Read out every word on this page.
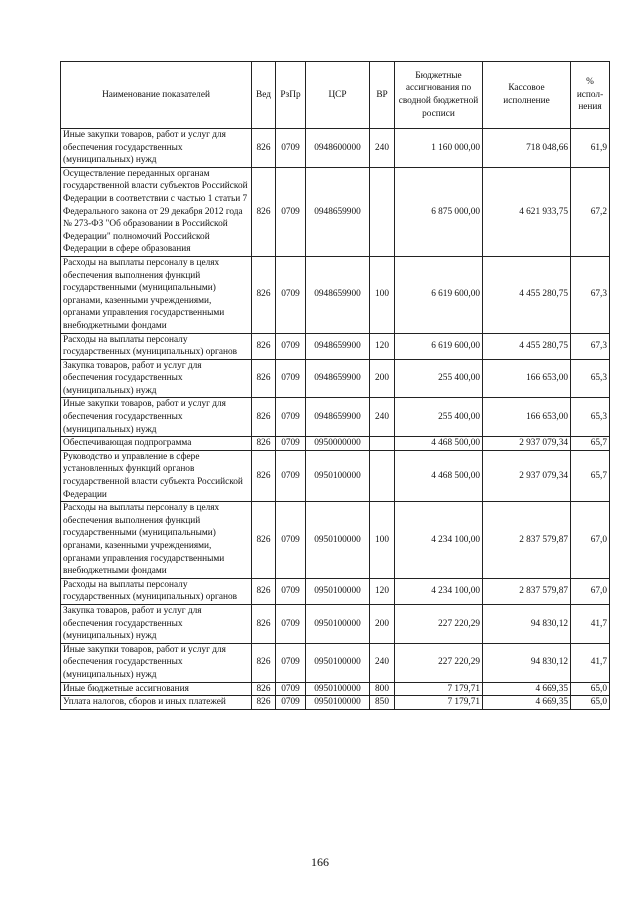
Наименование показателей	Вед	РзПр	ЦСР	ВР	Бюджетные ассигнования по сводной бюджетной росписи	Кассовое исполнение	% испол-нения
Иные закупки товаров, работ и услуг для обеспечения государственных (муниципальных) нужд	826	0709	0948600000	240	1 160 000,00	718 048,66	61,9
Осуществление переданных органам государственной власти субъектов Российской Федерации в соответствии с частью 1 статьи 7 Федерального закона от 29 декабря 2012 года № 273-ФЗ "Об образовании в Российской Федерации" полномочий Российской Федерации в сфере образования	826	0709	0948659900		6 875 000,00	4 621 933,75	67,2
Расходы на выплаты персоналу в целях обеспечения выполнения функций государственными (муниципальными) органами, казенными учреждениями, органами управления государственными внебюджетными фондами	826	0709	0948659900	100	6 619 600,00	4 455 280,75	67,3
Расходы на выплаты персоналу государственных (муниципальных) органов	826	0709	0948659900	120	6 619 600,00	4 455 280,75	67,3
Закупка товаров, работ и услуг для обеспечения государственных (муниципальных) нужд	826	0709	0948659900	200	255 400,00	166 653,00	65,3
Иные закупки товаров, работ и услуг для обеспечения государственных (муниципальных) нужд	826	0709	0948659900	240	255 400,00	166 653,00	65,3
Обеспечивающая подпрограмма	826	0709	0950000000		4 468 500,00	2 937 079,34	65,7
Руководство и управление в сфере установленных функций органов государственной власти субъекта Российской Федерации	826	0709	0950100000		4 468 500,00	2 937 079,34	65,7
Расходы на выплаты персоналу в целях обеспечения выполнения функций государственными (муниципальными) органами, казенными учреждениями, органами управления государственными внебюджетными фондами	826	0709	0950100000	100	4 234 100,00	2 837 579,87	67,0
Расходы на выплаты персоналу государственных (муниципальных) органов	826	0709	0950100000	120	4 234 100,00	2 837 579,87	67,0
Закупка товаров, работ и услуг для обеспечения государственных (муниципальных) нужд	826	0709	0950100000	200	227 220,29	94 830,12	41,7
Иные закупки товаров, работ и услуг для обеспечения государственных (муниципальных) нужд	826	0709	0950100000	240	227 220,29	94 830,12	41,7
Иные бюджетные ассигнования	826	0709	0950100000	800	7 179,71	4 669,35	65,0
Уплата налогов, сборов и иных платежей	826	0709	0950100000	850	7 179,71	4 669,35	65,0
166
